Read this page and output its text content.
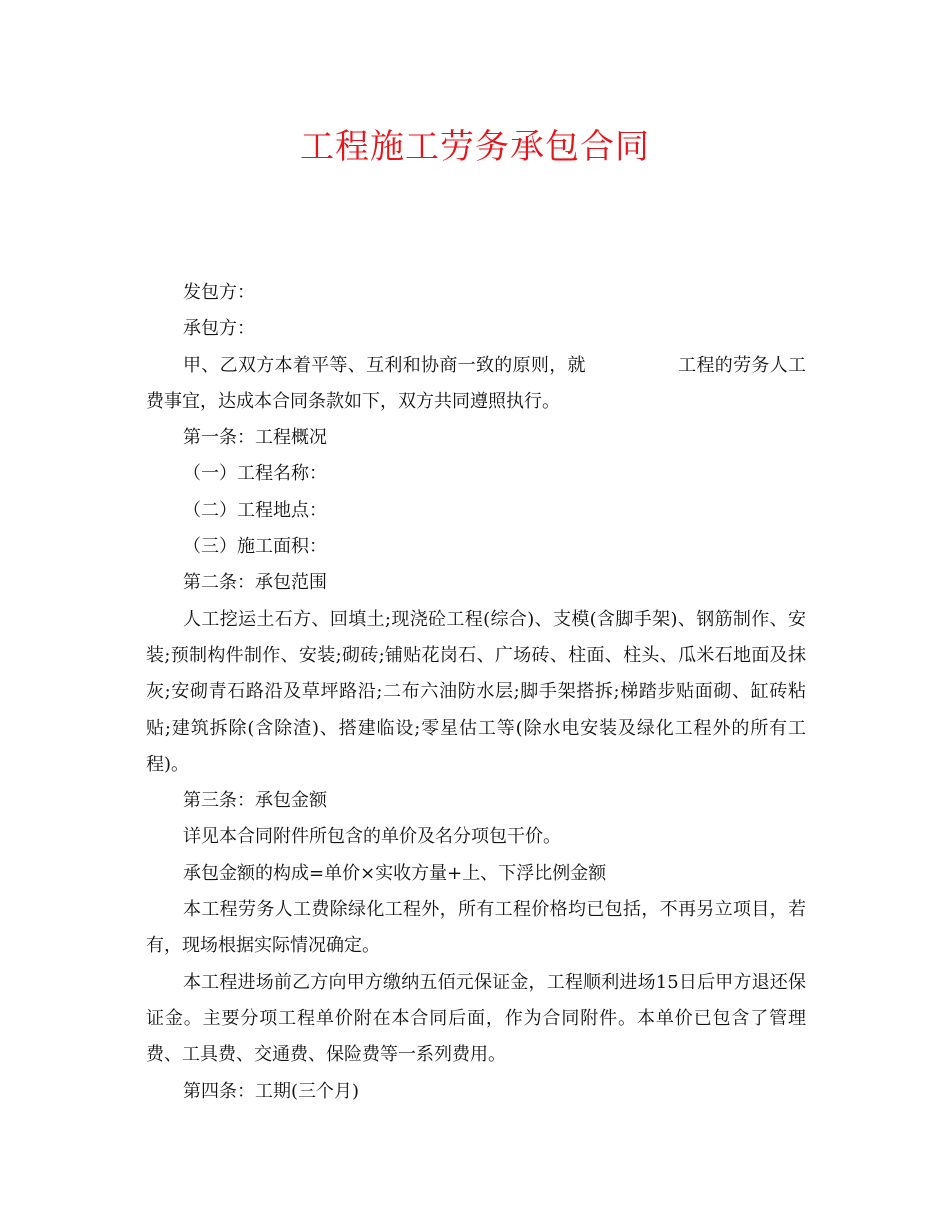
工程施工劳务承包合同

发包方：

承包方：

甲、乙双方本着平等、互利和协商一致的原则，就	工程的劳务人工费事宜，达成本合同条款如下，双方共同遵照执行。

第一条：工程概况

（一）工程名称：

（二）工程地点：

（三）施工面积：

第二条：承包范围

人工挖运土石方、回填土;现浇砼工程(综合)、支模(含脚手架)、钢筋制作、安装;预制构件制作、安装;砌砖;铺贴花岗石、广场砖、柱面、柱头、瓜米石地面及抹灰;安砌青石路沿及草坪路沿;二布六油防水层;脚手架搭拆;梯踏步贴面砌、缸砖粘贴;建筑拆除(含除渣)、搭建临设;零星估工等(除水电安装及绿化工程外的所有工程)。

第三条：承包金额

详见本合同附件所包含的单价及名分项包干价。

承包金额的构成=单价×实收方量+上、下浮比例金额

本工程劳务人工费除绿化工程外，所有工程价格均已包括，不再另立项目，若有，现场根据实际情况确定。

本工程进场前乙方向甲方缴纳五佰元保证金，工程顺利进场15日后甲方退还保证金。主要分项工程单价附在本合同后面，作为合同附件。本单价已包含了管理费、工具费、交通费、保险费等一系列费用。

第四条：工期(三个月)
